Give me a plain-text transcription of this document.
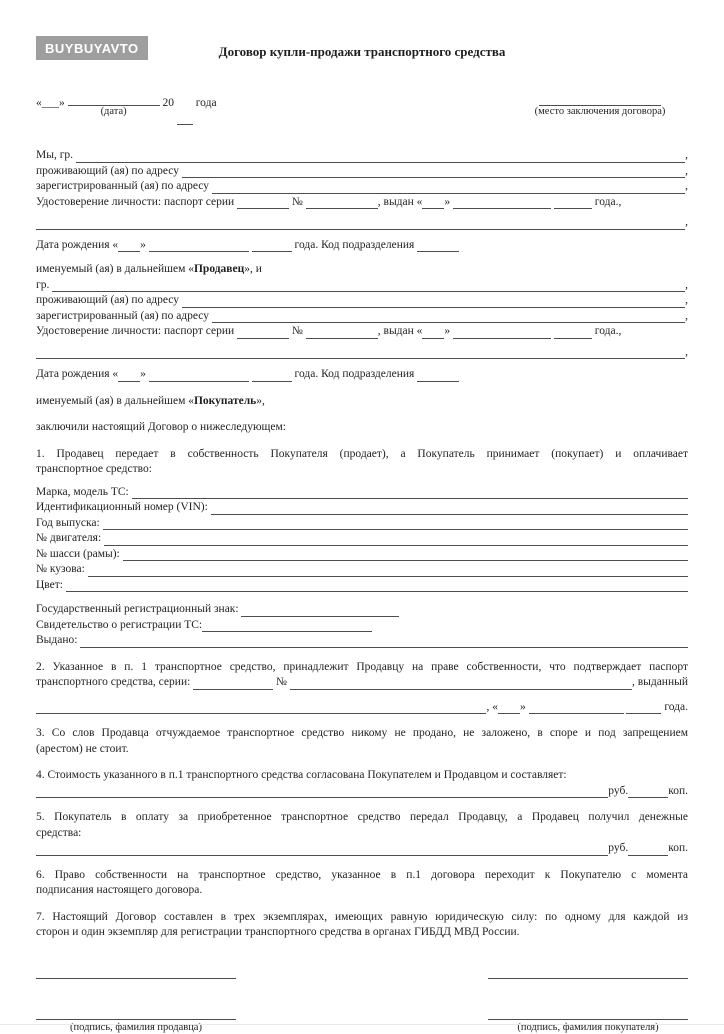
BUYBUYAVTO	Договор купли-продажи транспортного средства
«___»

(дата)

20

года
(место заключения договора)
Мы, гр.	,
проживающий (ая) по адресу	,
зарегистрированный (ая) по адресу	,
Удостоверение личности: паспорт серии	№	, выдан « »
	года.,
,
Дата рождения « »
	года. Код подразделения
именуемый (ая) в дальнейшем « Продавец », и
гр.	,
проживающий (ая) по адресу	,
зарегистрированный (ая) по адресу	,
Удостоверение личности: паспорт серии	№	, выдан « »
	года.,
,
Дата рождения « »
	года. Код подразделения
именуемый (ая) в дальнейшем « Покупатель »,
заключили настоящий Договор о нижеследующем:
1. Продавец передает в собственность Покупателя (продает), а Покупатель принимает (покупает) и оплачивает
транспортное средство:
Марка, модель ТС:
Идентификационный номер (VIN):
Год выпуска:
№ двигателя:
№ шасси (рамы):
№ кузова:
Цвет:
Государственный регистрационный знак:
Свидетельство о регистрации ТС:
Выдано:
2. Указанное в п. 1 транспортное средство, принадлежит Продавцу на праве собственности, что подтверждает паспорт
транспортного средства, серии:	№	, выданный
, « »
	года.
3. Со слов Продавца отчуждаемое транспортное средство никому не продано, не заложено, в споре и под запрещением
(арестом) не стоит.
4. Стоимость указанного в п.1 транспортного средства согласована Покупателем и Продавцом и составляет:
руб.	коп.
5. Покупатель в оплату за приобретенное транспортное средство передал Продавцу, а Продавец получил денежные
средства:
руб.	коп.
6. Право собственности на транспортное средство, указанное в п.1 договора переходит к Покупателю с момента
подписания настоящего договора.
7. Настоящий Договор составлен в трех экземплярах, имеющих равную юридическую силу: по одному для каждой из
сторон и один экземпляр для регистрации транспортного средства в органах ГИБДД МВД России.
(подпись, фамилия продавца)	(подпись, фамилия покупателя)
